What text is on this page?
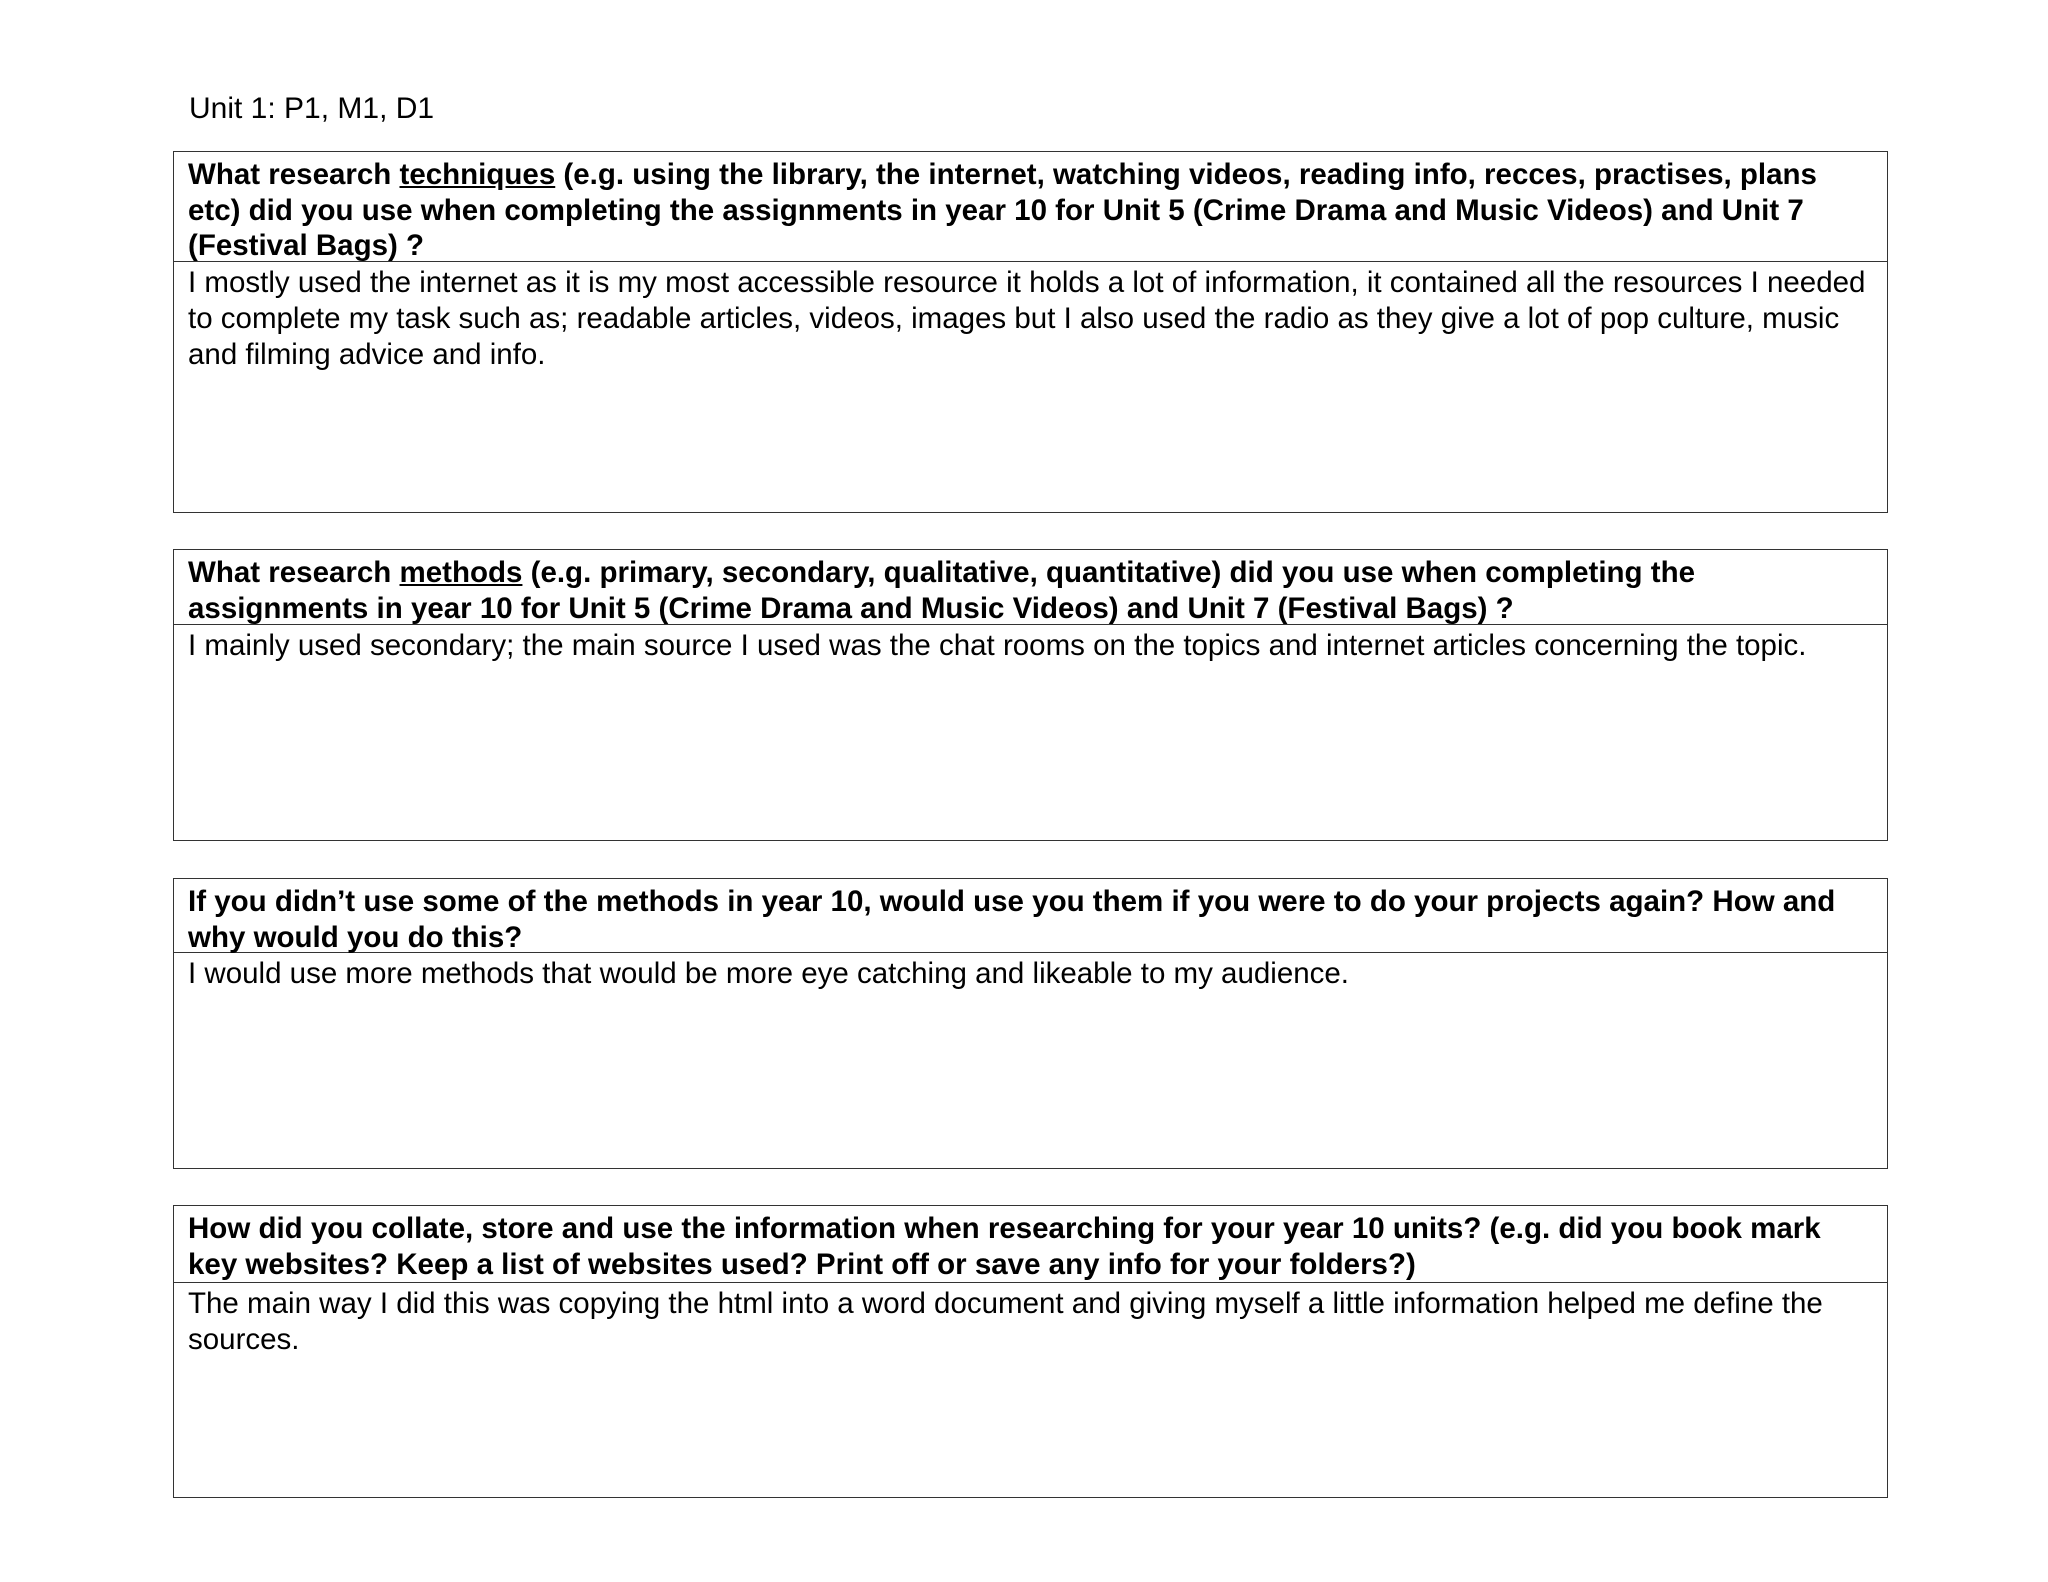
Unit 1: P1, M1, D1
What research techniques (e.g. using the library, the internet, watching videos, reading info, recces, practises, plans etc) did you use when completing the assignments in year 10 for Unit 5 (Crime Drama and Music Videos) and Unit 7 (Festival Bags) ?
I mostly used the internet as it is my most accessible resource it holds a lot of information, it contained all the resources I needed to complete my task such as; readable articles, videos, images but I also used the radio as they give a lot of pop culture, music and filming advice and info.
What research methods (e.g. primary, secondary, qualitative, quantitative) did you use when completing the assignments in year 10 for Unit 5 (Crime Drama and Music Videos) and Unit 7 (Festival Bags) ?
I mainly used secondary; the main source I used was the chat rooms on the topics and internet articles concerning the topic.
If you didn’t use some of the methods in year 10, would use you them if you were to do your projects again? How and why would you do this?
I would use more methods that would be more eye catching and likeable to my audience.
How did you collate, store and use the information when researching for your year 10 units? (e.g. did you book mark key websites? Keep a list of websites used? Print off or save any info for your folders?)
The main way I did this was copying the html into a word document and giving myself a little information helped me define the sources.
